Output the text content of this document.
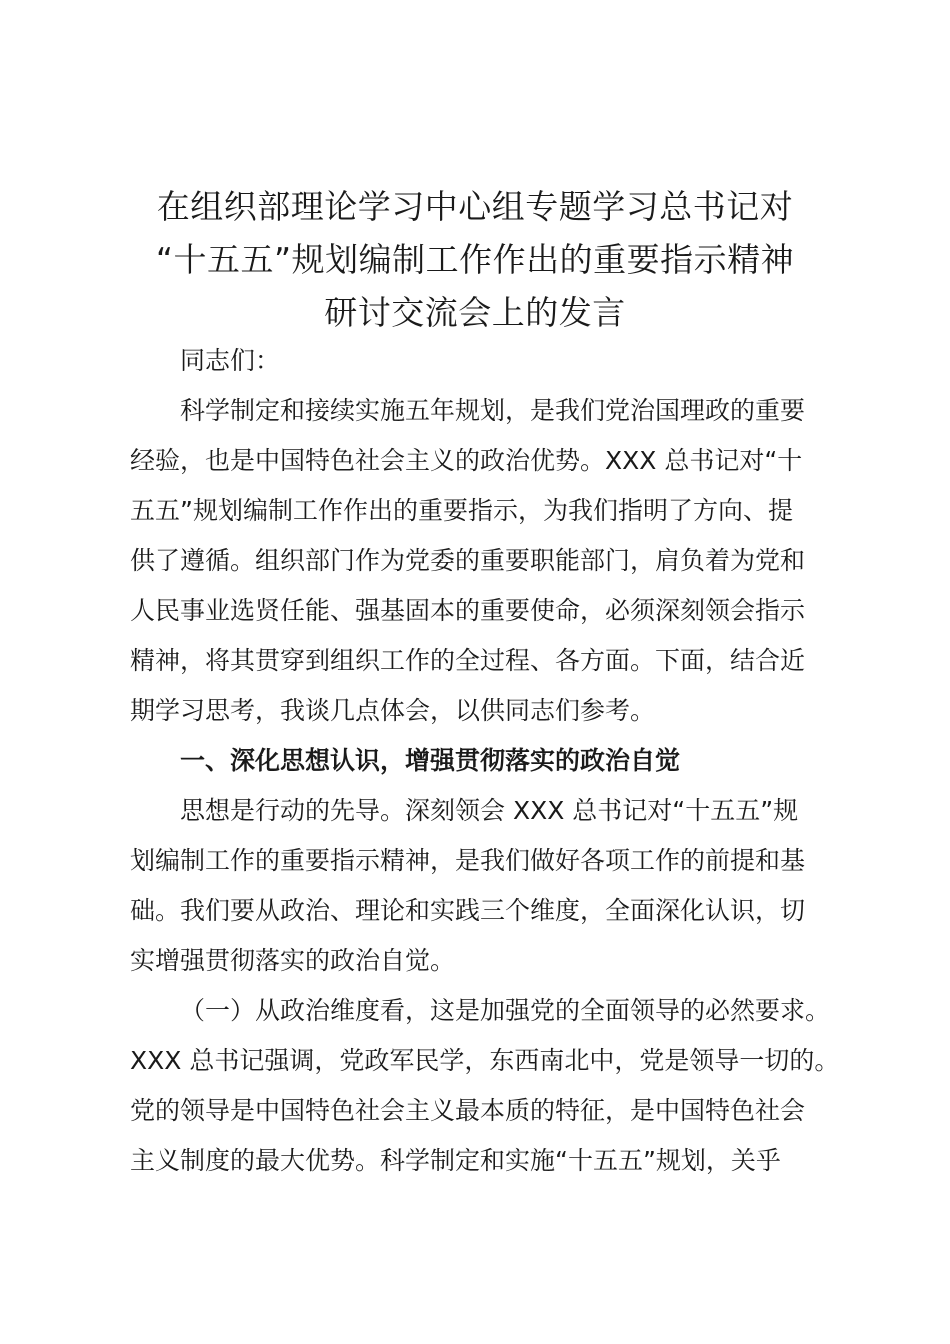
在组织部理论学习中心组专题学习总书记对
“十五五”规划编制工作作出的重要指示精神
研讨交流会上的发言

同志们：

科学制定和接续实施五年规划，是我们党治国理政的重要
经验，也是中国特色社会主义的政治优势。XXX 总书记对“十
五五”规划编制工作作出的重要指示，为我们指明了方向、提
供了遵循。组织部门作为党委的重要职能部门，肩负着为党和
人民事业选贤任能、强基固本的重要使命，必须深刻领会指示
精神，将其贯穿到组织工作的全过程、各方面。下面，结合近
期学习思考，我谈几点体会，以供同志们参考。

一、深化思想认识，增强贯彻落实的政治自觉

思想是行动的先导。深刻领会 XXX 总书记对“十五五”规
划编制工作的重要指示精神，是我们做好各项工作的前提和基
础。我们要从政治、理论和实践三个维度，全面深化认识，切
实增强贯彻落实的政治自觉。

（一）从政治维度看，这是加强党的全面领导的必然要求。
XXX 总书记强调，党政军民学，东西南北中，党是领导一切的。
党的领导是中国特色社会主义最本质的特征，是中国特色社会
主义制度的最大优势。科学制定和实施“十五五”规划，关乎
